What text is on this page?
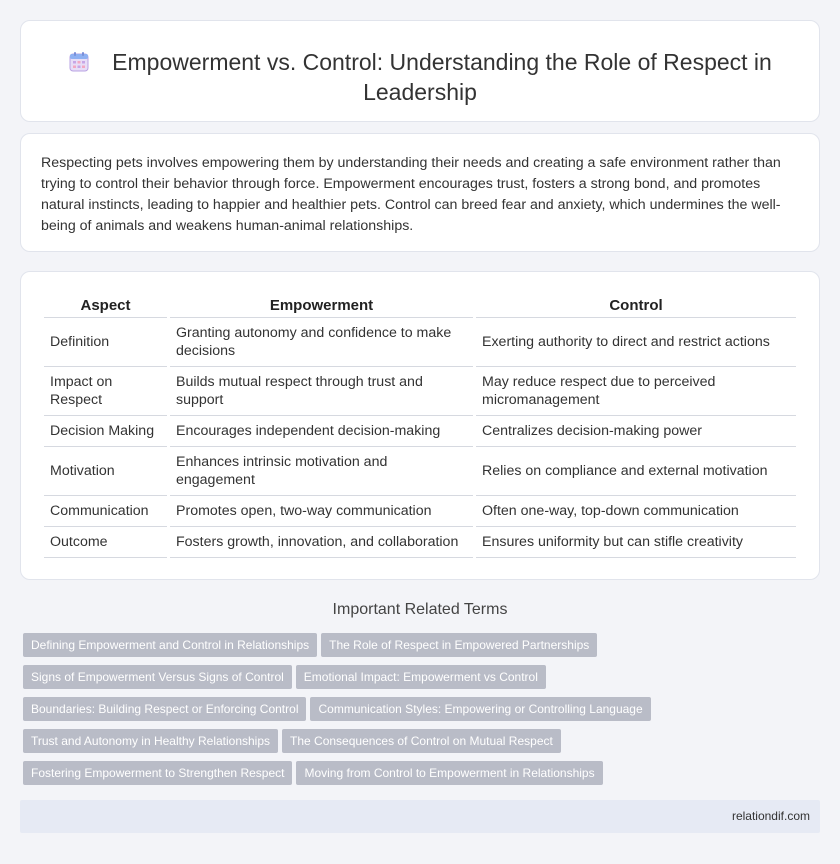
Empowerment vs. Control: Understanding the Role of Respect in Leadership

Respecting pets involves empowering them by understanding their needs and creating a safe environment rather than trying to control their behavior through force. Empowerment encourages trust, fosters a strong bond, and promotes natural instincts, leading to happier and healthier pets. Control can breed fear and anxiety, which undermines the well-being of animals and weakens human-animal relationships.

Aspect	Empowerment	Control
Definition	Granting autonomy and confidence to make decisions	Exerting authority to direct and restrict actions
Impact on Respect	Builds mutual respect through trust and support	May reduce respect due to perceived micromanagement
Decision Making	Encourages independent decision-making	Centralizes decision-making power
Motivation	Enhances intrinsic motivation and engagement	Relies on compliance and external motivation
Communication	Promotes open, two-way communication	Often one-way, top-down communication
Outcome	Fosters growth, innovation, and collaboration	Ensures uniformity but can stifle creativity
Important Related Terms
Defining Empowerment and Control in Relationships The Role of Respect in Empowered Partnerships
Signs of Empowerment Versus Signs of Control Emotional Impact: Empowerment vs Control
Boundaries: Building Respect or Enforcing Control Communication Styles: Empowering or Controlling Language
Trust and Autonomy in Healthy Relationships The Consequences of Control on Mutual Respect
Fostering Empowerment to Strengthen Respect Moving from Control to Empowerment in Relationships
relationdif.com
